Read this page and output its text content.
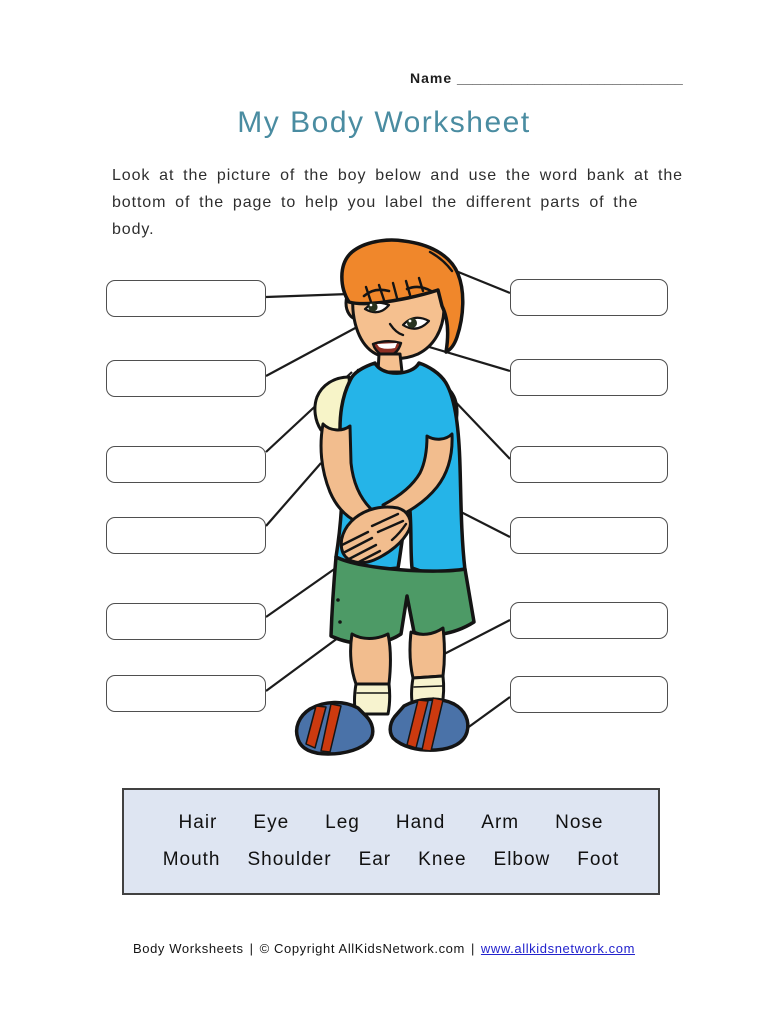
Name _____________________________
My Body Worksheet
Look at the picture of the boy below and use the word bank at the bottom of the page to help you label the different parts of the body.
Hair Eye Leg Hand Arm Nose
Mouth Shoulder Ear Knee Elbow Foot
Body Worksheets | © Copyright AllKidsNetwork.com | www.allkidsnetwork.com
